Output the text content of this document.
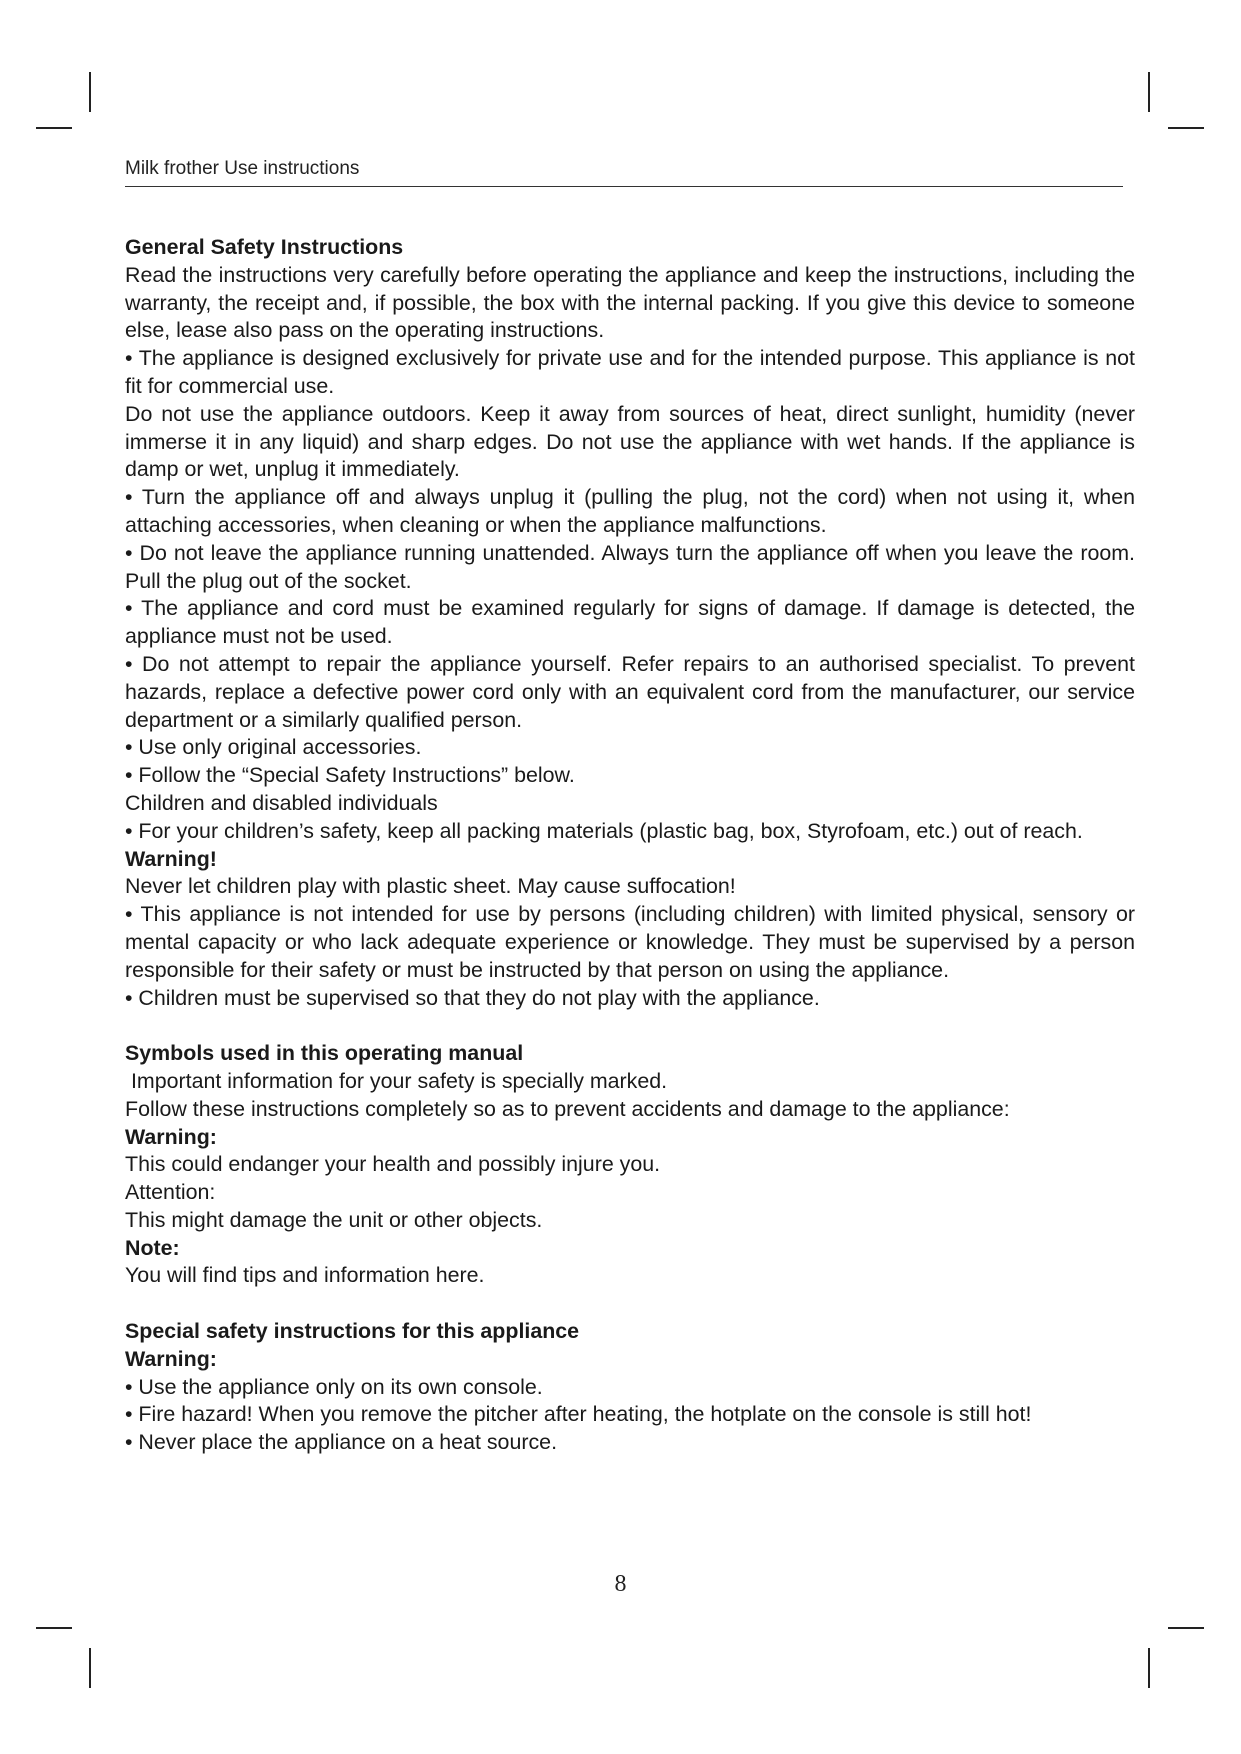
Milk frother Use instructions

General Safety Instructions

Read the instructions very carefully before operating the appliance and keep the instructions, including the warranty, the receipt and, if possible, the box with the internal packing. If you give this device to someone else, lease also pass on the operating instructions.

• The appliance is designed exclusively for private use and for the intended purpose. This appliance is not fit for commercial use.

Do not use the appliance outdoors. Keep it away from sources of heat, direct sunlight, humidity (never immerse it in any liquid) and sharp edges. Do not use the appliance with wet hands. If the appliance is damp or wet, unplug it immediately.

• Turn the appliance off and always unplug it (pulling the plug, not the cord) when not using it, when attaching accessories, when cleaning or when the appliance malfunctions.

• Do not leave the appliance running unattended. Always turn the appliance off when you leave the room. Pull the plug out of the socket.

• The appliance and cord must be examined regularly for signs of damage. If damage is detected, the appliance must not be used.

• Do not attempt to repair the appliance yourself. Refer repairs to an authorised specialist. To prevent hazards, replace a defective power cord only with an equivalent cord from the manufacturer, our service department or a similarly qualified person.

• Use only original accessories.

• Follow the “Special Safety Instructions” below.

Children and disabled individuals

• For your children’s safety, keep all packing materials (plastic bag, box, Styrofoam, etc.) out of reach.

Warning!

Never let children play with plastic sheet. May cause suffocation!

• This appliance is not intended for use by persons (including children) with limited physical, sensory or mental capacity or who lack adequate experience or knowledge. They must be supervised by a person responsible for their safety or must be instructed by that person on using the appliance.

• Children must be supervised so that they do not play with the appliance.

Symbols used in this operating manual

Important information for your safety is specially marked.

Follow these instructions completely so as to prevent accidents and damage to the appliance:

Warning:

This could endanger your health and possibly injure you.

Attention:

This might damage the unit or other objects.

Note:

You will find tips and information here.

Special safety instructions for this appliance

Warning:

• Use the appliance only on its own console.

• Fire hazard! When you remove the pitcher after heating, the hotplate on the console is still hot!

• Never place the appliance on a heat source.

8
